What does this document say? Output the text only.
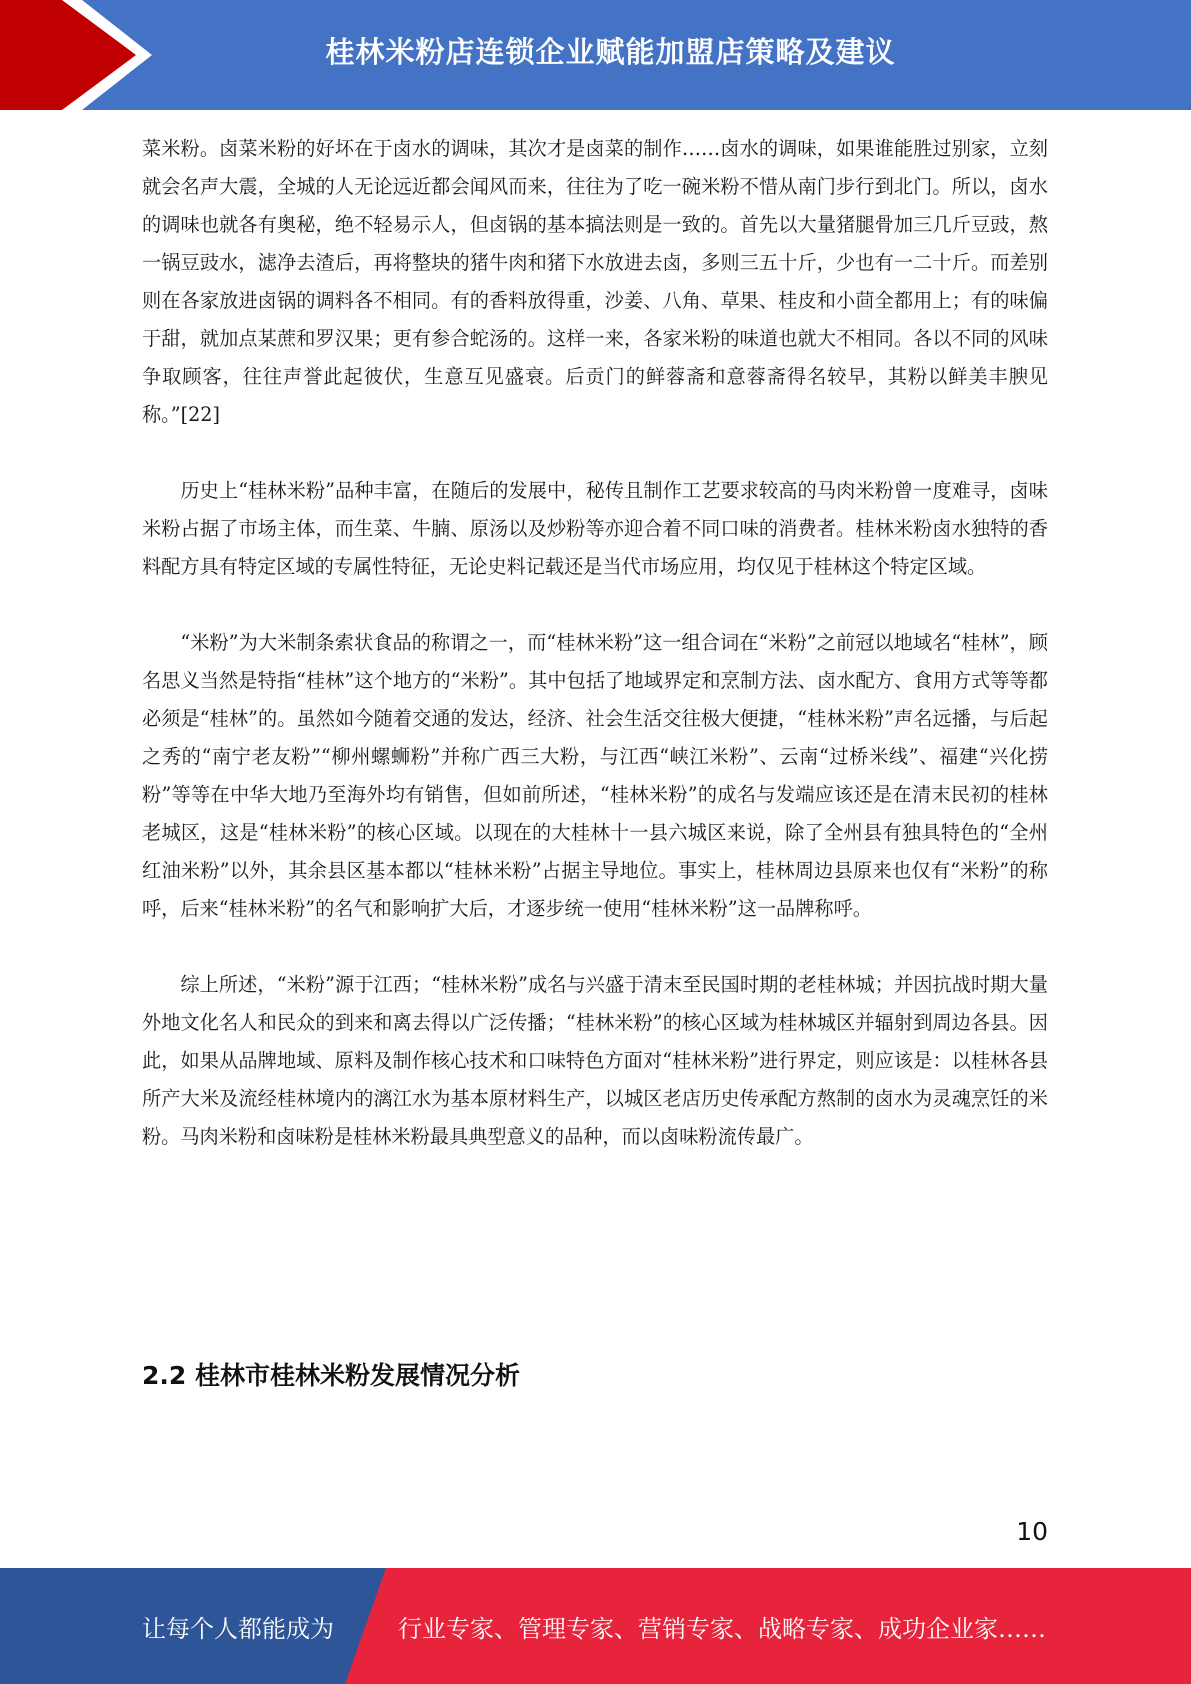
桂林米粉店连锁企业赋能加盟店策略及建议

菜米粉。卤菜米粉的好坏在于卤水的调味，其次才是卤菜的制作……卤水的调味，如果谁能胜过别家，立刻就会名声大震，全城的人无论远近都会闻风而来，往往为了吃一碗米粉不惜从南门步行到北门。所以，卤水的调味也就各有奥秘，绝不轻易示人，但卤锅的基本搞法则是一致的。首先以大量猪腿骨加三几斤豆豉，熬一锅豆豉水，滤净去渣后，再将整块的猪牛肉和猪下水放进去卤，多则三五十斤，少也有一二十斤。而差别则在各家放进卤锅的调料各不相同。有的香料放得重，沙姜、八角、草果、桂皮和小茴全都用上；有的味偏于甜，就加点某蔗和罗汉果；更有参合蛇汤的。这样一来，各家米粉的味道也就大不相同。各以不同的风味争取顾客，往往声誉此起彼伏，生意互见盛衰。后贡门的鲜蓉斋和意蓉斋得名较早，其粉以鲜美丰腴见称。”[22]

历史上“桂林米粉”品种丰富，在随后的发展中，秘传且制作工艺要求较高的马肉米粉曾一度难寻，卤味米粉占据了市场主体，而生菜、牛腩、原汤以及炒粉等亦迎合着不同口味的消费者。桂林米粉卤水独特的香料配方具有特定区域的专属性特征，无论史料记载还是当代市场应用，均仅见于桂林这个特定区域。

“米粉”为大米制条索状食品的称谓之一，而“桂林米粉”这一组合词在“米粉”之前冠以地域名“桂林”，顾名思义当然是特指“桂林”这个地方的“米粉”。其中包括了地域界定和烹制方法、卤水配方、食用方式等等都必须是“桂林”的。虽然如今随着交通的发达，经济、社会生活交往极大便捷，“桂林米粉”声名远播，与后起之秀的“南宁老友粉”“柳州螺蛳粉”并称广西三大粉，与江西“峡江米粉”、云南“过桥米线”、福建“兴化捞粉”等等在中华大地乃至海外均有销售，但如前所述，“桂林米粉”的成名与发端应该还是在清末民初的桂林老城区，这是“桂林米粉”的核心区域。以现在的大桂林十一县六城区来说，除了全州县有独具特色的“全州红油米粉”以外，其余县区基本都以“桂林米粉”占据主导地位。事实上，桂林周边县原来也仅有“米粉”的称呼，后来“桂林米粉”的名气和影响扩大后，才逐步统一使用“桂林米粉”这一品牌称呼。

综上所述，“米粉”源于江西；“桂林米粉”成名与兴盛于清末至民国时期的老桂林城；并因抗战时期大量外地文化名人和民众的到来和离去得以广泛传播；“桂林米粉”的核心区域为桂林城区并辐射到周边各县。因此，如果从品牌地域、原料及制作核心技术和口味特色方面对“桂林米粉”进行界定，则应该是：以桂林各县所产大米及流经桂林境内的漓江水为基本原材料生产，以城区老店历史传承配方熬制的卤水为灵魂烹饪的米粉。马肉米粉和卤味粉是桂林米粉最具典型意义的品种，而以卤味粉流传最广。

2.2 桂林市桂林米粉发展情况分析
10
让每个人都能成为	行业专家、管理专家、营销专家、战略专家、成功企业家……
